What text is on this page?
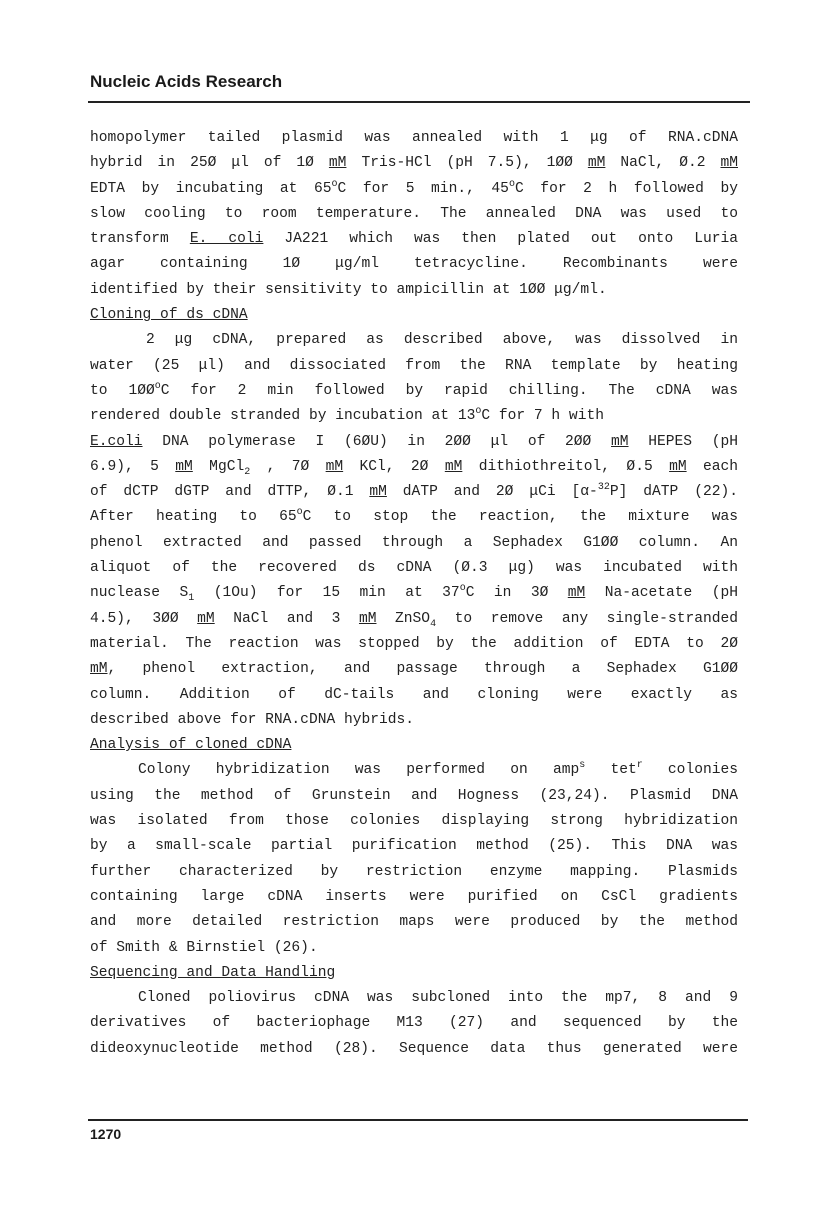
Nucleic Acids Research
homopolymer tailed plasmid was annealed with 1 μg of RNA.cDNA
hybrid in 25Ø μl of 1Ø mM Tris-HCl (pH 7.5), 1ØØ mM NaCl, Ø.2 mM
EDTA by incubating at 65$^o$C for 5 min., 45$^o$C for 2 h followed by
slow cooling to room temperature. The annealed DNA was used to
transform E. coli JA221 which was then plated out onto Luria
agar containing 1Ø μg/ml tetracycline. Recombinants were
identified by their sensitivity to ampicillin at 1ØØ μg/ml.
Cloning of ds cDNA
2 μg cDNA, prepared as described above, was dissolved in
water (25 μl) and dissociated from the RNA template by heating
to $1ØØ^oC$ for 2 min followed by rapid chilling. The cDNA was
rendered double stranded by incubation at 13$^o$C for 7 h with
E.coli DNA polymerase I (6ØU) in 2ØØ μl of 2ØØ mM HEPES (pH
6.9), 5 mM MgCl$_2$ , 7Ø mM KCl, 2Ø mM dithiothreitol, Ø.5 mM each
of dCTP dGTP and dTTP, Ø.1 mM dATP and 2Ø μCi [α-$^{32}$P] dATP (22).
After heating to 65$^o$C to stop the reaction, the mixture was
phenol extracted and passed through a Sephadex G1ØØ column. An
aliquot of the recovered ds cDNA (Ø.3 μg) was incubated with
nuclease $S_1$ (1Ou) for 15 min at 37$^o$C in 3Ø mM Na-acetate (pH
4.5), 3ØØ mM NaCl and 3 mM ZnSO$_4$ to remove any single-stranded
material. The reaction was stopped by the addition of EDTA to 2Ø
mM, phenol extraction, and passage through a Sephadex G1ØØ
column. Addition of dC-tails and cloning were exactly as
described above for RNA.cDNA hybrids.
Analysis of cloned cDNA
Colony hybridization was performed on amp$^s$ tet$^r$ colonies
using the method of Grunstein and Hogness (23,24). Plasmid DNA
was isolated from those colonies displaying strong hybridization
by a small-scale partial purification method (25). This DNA was
further characterized by restriction enzyme mapping. Plasmids
containing large cDNA inserts were purified on CsCl gradients
and more detailed restriction maps were produced by the method
of Smith & Birnstiel (26).
Sequencing and Data Handling
Cloned poliovirus cDNA was subcloned into the mp7, 8 and 9
derivatives of bacteriophage M13 (27) and sequenced by the
dideoxynucleotide method (28). Sequence data thus generated were
1270
